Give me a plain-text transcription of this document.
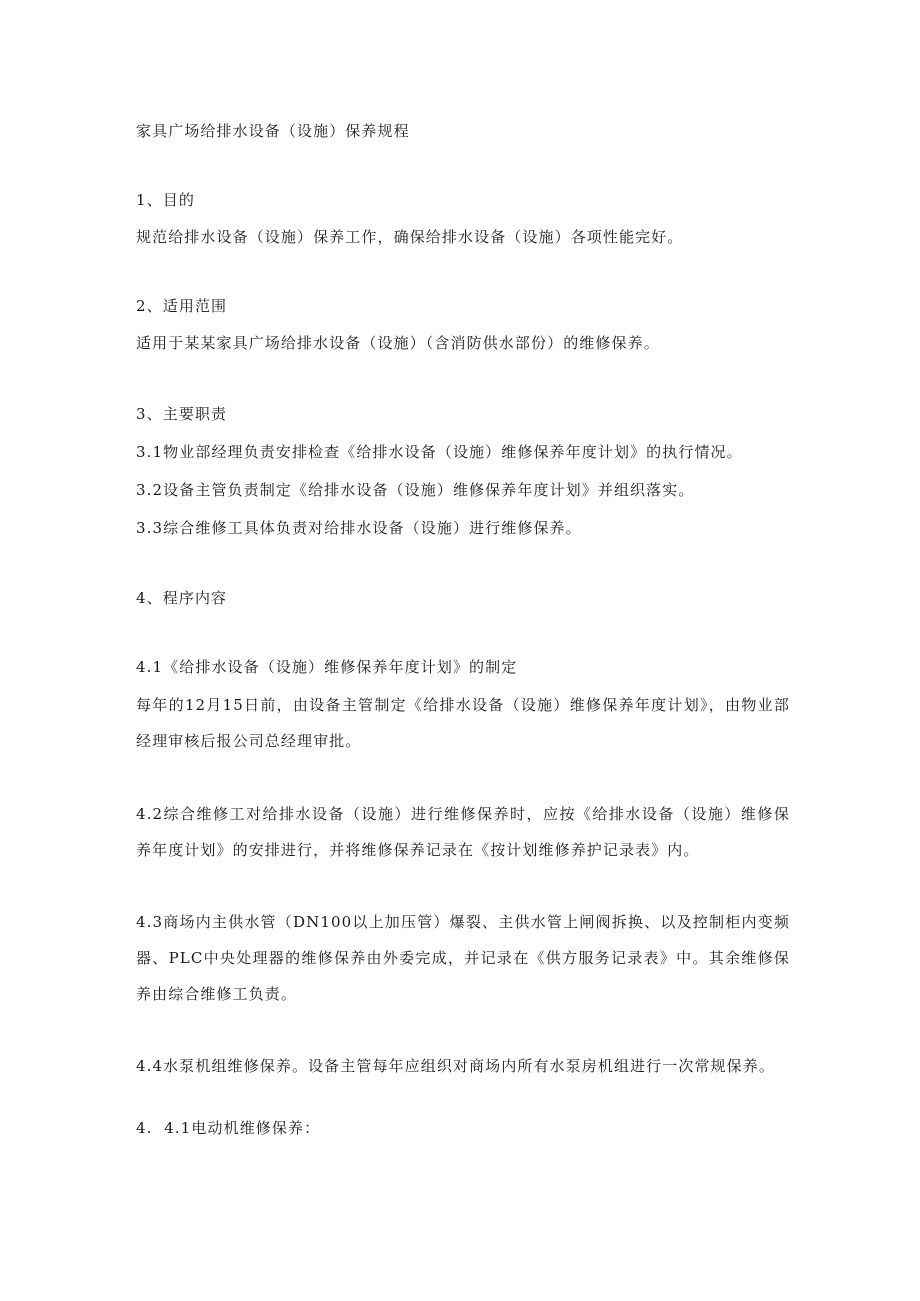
家具广场给排水设备（设施）保养规程

1、目的

规范给排水设备（设施）保养工作，确保给排水设备（设施）各项性能完好。

2、适用范围

适用于某某家具广场给排水设备（设施）（含消防供水部份）的维修保养。

3、主要职责

3.1物业部经理负责安排检查《给排水设备（设施）维修保养年度计划》的执行情况。

3.2设备主管负责制定《给排水设备（设施）维修保养年度计划》并组织落实。

3.3综合维修工具体负责对给排水设备（设施）进行维修保养。

4、程序内容

4.1《给排水设备（设施）维修保养年度计划》的制定

每年的12月15日前，由设备主管制定《给排水设备（设施）维修保养年度计划》，由物业部经理审核后报公司总经理审批。

4.2综合维修工对给排水设备（设施）进行维修保养时，应按《给排水设备（设施）维修保养年度计划》的安排进行，并将维修保养记录在《按计划维修养护记录表》内。

4.3商场内主供水管（DN100以上加压管）爆裂、主供水管上闸阀拆换、以及控制柜内变频器、PLC中央处理器的维修保养由外委完成，并记录在《供方服务记录表》中。其余维修保养由综合维修工负责。

4.4水泵机组维修保养。设备主管每年应组织对商场内所有水泵房机组进行一次常规保养。

4.  4.1电动机维修保养：
